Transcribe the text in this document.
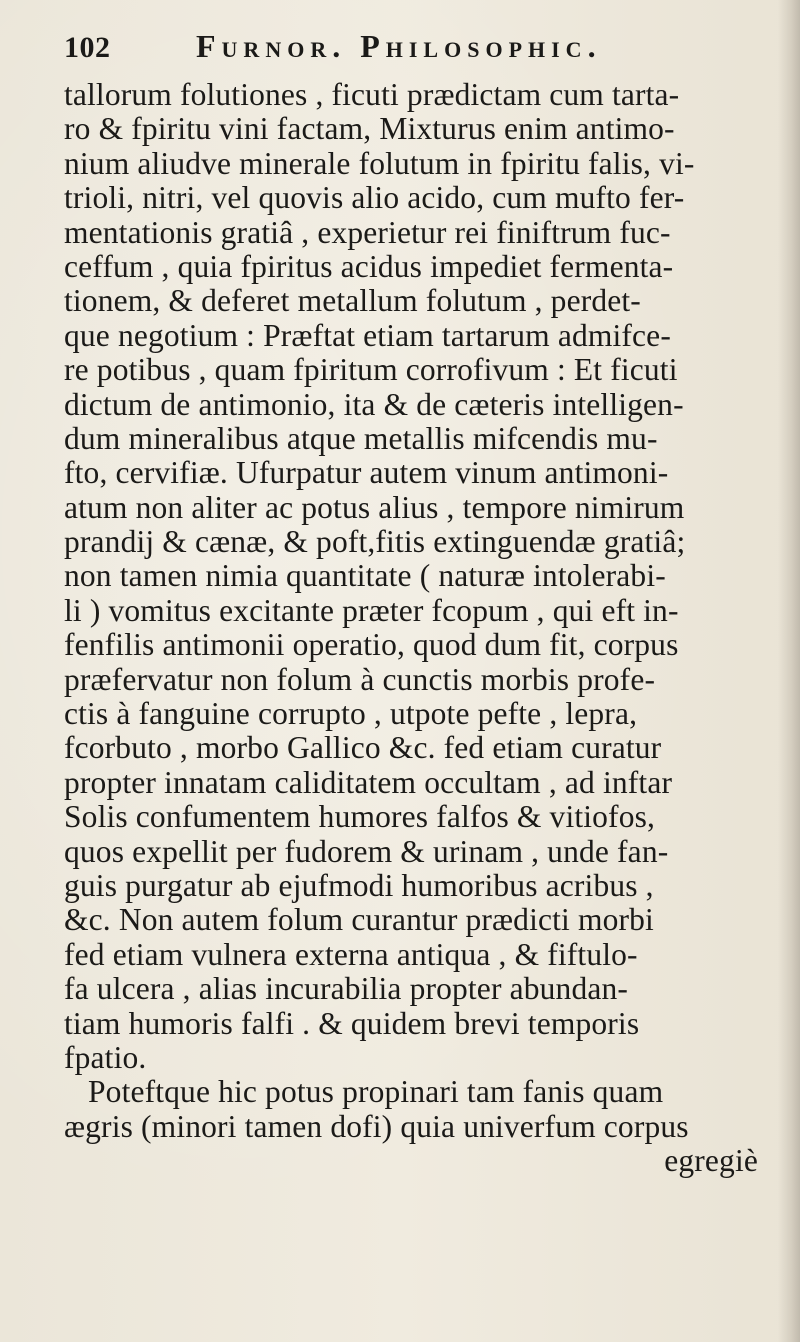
102	Furnor. Philosophic.
tallorum folutiones , ficuti prædictam cum tarta-
ro & fpiritu vini factam, Mixturus enim antimo-
nium aliudve minerale folutum in fpiritu falis, vi-
trioli, nitri, vel quovis alio acido, cum mufto fer-
mentationis gratiâ , experietur rei finiftrum fuc-
ceffum , quia fpiritus acidus impediet fermenta-
tionem, & deferet metallum folutum , perdet-
que negotium : Præftat etiam tartarum admifce-
re potibus , quam fpiritum corrofivum : Et ficuti
dictum de antimonio, ita & de cæteris intelligen-
dum mineralibus atque metallis mifcendis mu-
fto, cervifiæ. Ufurpatur autem vinum antimoni-
atum non aliter ac potus alius , tempore nimirum
prandij & cænæ, & poft,fitis extinguendæ gratiâ;
non tamen nimia quantitate ( naturæ intolerabi-
li ) vomitus excitante præter fcopum , qui eft in-
fenfilis antimonii operatio, quod dum fit, corpus
præfervatur non folum à cunctis morbis profe-
ctis à fanguine corrupto , utpote pefte , lepra,
fcorbuto , morbo Gallico &c. fed etiam curatur
propter innatam caliditatem occultam , ad inftar
Solis confumentem humores falfos & vitiofos,
quos expellit per fudorem & urinam , unde fan-
guis purgatur ab ejufmodi humoribus acribus ,
&c. Non autem folum curantur prædicti morbi
fed etiam vulnera externa antiqua , & fiftulo-
fa ulcera , alias incurabilia propter abundan-
tiam humoris falfi . & quidem brevi temporis
fpatio.
Poteftque hic potus propinari tam fanis quam
ægris (minori tamen dofi) quia univerfum corpus
egregiè
